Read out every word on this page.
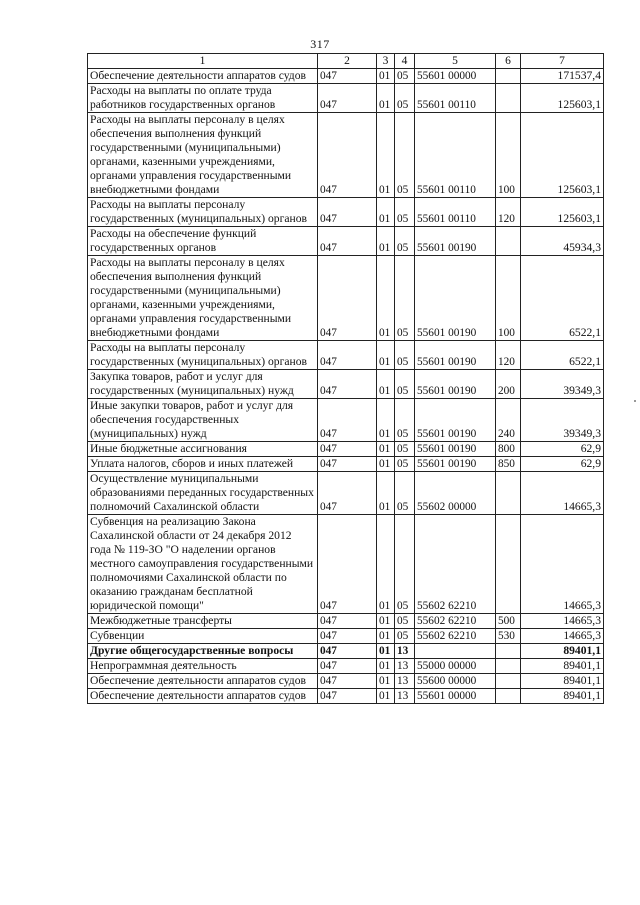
317
1	2	3	4	5	6	7
Обеспечение деятельности аппаратов судов	047	01	05	55601 00000		171537,4
Расходы на выплаты по оплате труда работников государственных органов	047	01	05	55601 00110		125603,1
Расходы на выплаты персоналу в целях обеспечения выполнения функций государственными (муниципальными) органами, казенными учреждениями, органами управления государственными внебюджетными фондами	047	01	05	55601 00110	100	125603,1
Расходы на выплаты персоналу государственных (муниципальных) органов	047	01	05	55601 00110	120	125603,1
Расходы на обеспечение функций государственных органов	047	01	05	55601 00190		45934,3
Расходы на выплаты персоналу в целях обеспечения выполнения функций государственными (муниципальными) органами, казенными учреждениями, органами управления государственными внебюджетными фондами	047	01	05	55601 00190	100	6522,1
Расходы на выплаты персоналу государственных (муниципальных) органов	047	01	05	55601 00190	120	6522,1
Закупка товаров, работ и услуг для государственных (муниципальных) нужд	047	01	05	55601 00190	200	39349,3
Иные закупки товаров, работ и услуг для обеспечения государственных (муниципальных) нужд	047	01	05	55601 00190	240	39349,3
Иные бюджетные ассигнования	047	01	05	55601 00190	800	62,9
Уплата налогов, сборов и иных платежей	047	01	05	55601 00190	850	62,9
Осуществление муниципальными образованиями переданных государственных полномочий Сахалинской области	047	01	05	55602 00000		14665,3
Субвенция на реализацию Закона Сахалинской области от 24 декабря 2012 года № 119-ЗО "О наделении органов местного самоуправления государственными полномочиями Сахалинской области по оказанию гражданам бесплатной юридической помощи"	047	01	05	55602 62210		14665,3
Межбюджетные трансферты	047	01	05	55602 62210	500	14665,3
Субвенции	047	01	05	55602 62210	530	14665,3
Другие общегосударственные вопросы	047	01	13			89401,1
Непрограммная деятельность	047	01	13	55000 00000		89401,1
Обеспечение деятельности аппаратов судов	047	01	13	55600 00000		89401,1
Обеспечение деятельности аппаратов судов	047	01	13	55601 00000		89401,1
